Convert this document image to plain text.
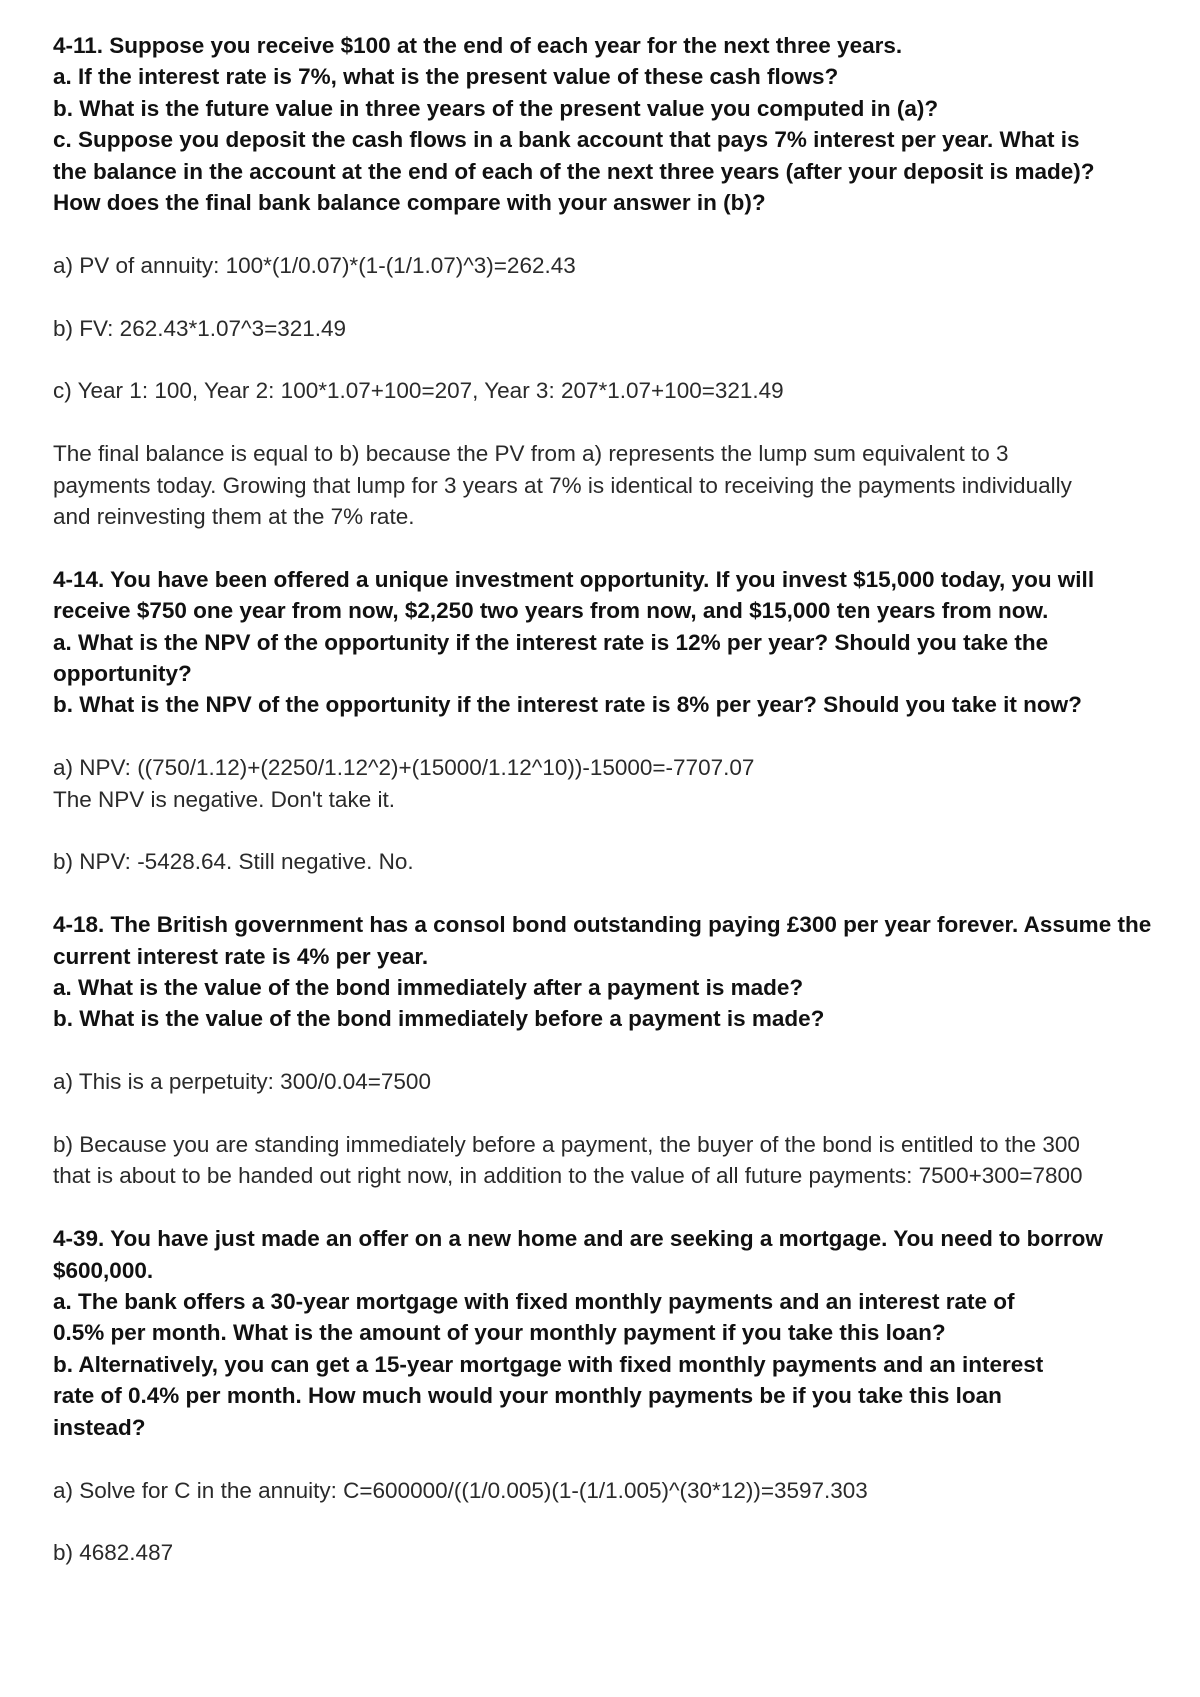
4-11. Suppose you receive $100 at the end of each year for the next three years.

a. If the interest rate is 7%, what is the present value of these cash flows?

b. What is the future value in three years of the present value you computed in (a)?

c. Suppose you deposit the cash flows in a bank account that pays 7% interest per year. What is

the balance in the account at the end of each of the next three years (after your deposit is made)?

How does the final bank balance compare with your answer in (b)?

a) PV of annuity: 100*(1/0.07)*(1-(1/1.07)^3)=262.43

b) FV: 262.43*1.07^3=321.49

c) Year 1: 100, Year 2: 100*1.07+100=207, Year 3: 207*1.07+100=321.49

The final balance is equal to b) because the PV from a) represents the lump sum equivalent to 3

payments today. Growing that lump for 3 years at 7% is identical to receiving the payments individually

and reinvesting them at the 7% rate.

4-14. You have been offered a unique investment opportunity. If you invest $15,000 today, you will

receive $750 one year from now, $2,250 two years from now, and $15,000 ten years from now.

a. What is the NPV of the opportunity if the interest rate is 12% per year? Should you take the

opportunity?

b. What is the NPV of the opportunity if the interest rate is 8% per year? Should you take it now?

a) NPV: ((750/1.12)+(2250/1.12^2)+(15000/1.12^10))-15000=-7707.07

The NPV is negative. Don't take it.

b) NPV: -5428.64. Still negative. No.

4-18. The British government has a consol bond outstanding paying £300 per year forever. Assume the

current interest rate is 4% per year.

a. What is the value of the bond immediately after a payment is made?

b. What is the value of the bond immediately before a payment is made?

a) This is a perpetuity: 300/0.04=7500

b) Because you are standing immediately before a payment, the buyer of the bond is entitled to the 300

that is about to be handed out right now, in addition to the value of all future payments: 7500+300=7800

4-39. You have just made an offer on a new home and are seeking a mortgage. You need to borrow

$600,000.

a. The bank offers a 30-year mortgage with fixed monthly payments and an interest rate of

0.5% per month. What is the amount of your monthly payment if you take this loan?

b. Alternatively, you can get a 15-year mortgage with fixed monthly payments and an interest

rate of 0.4% per month. How much would your monthly payments be if you take this loan

instead?

a) Solve for C in the annuity: C=600000/((1/0.005)(1-(1/1.005)^(30*12))=3597.303

b) 4682.487
